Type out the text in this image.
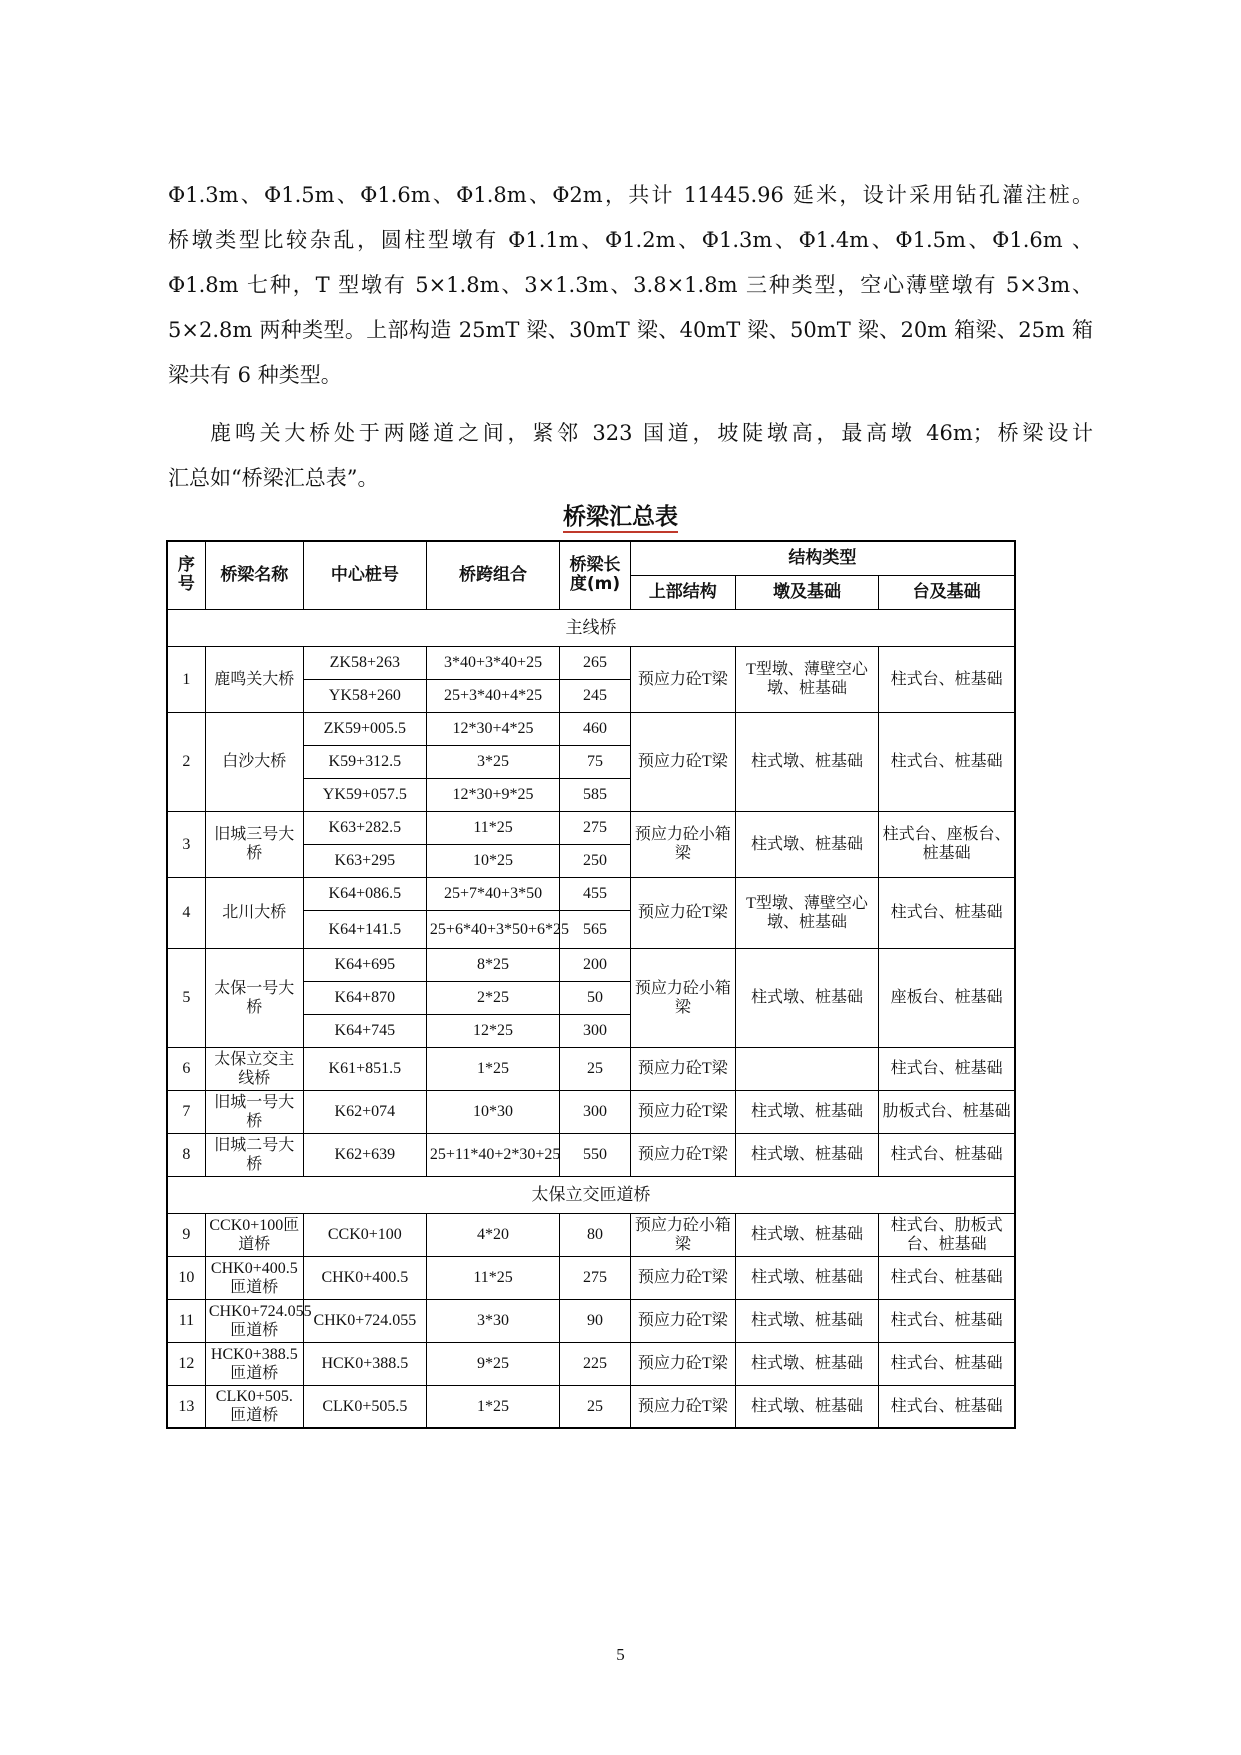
Φ1.3m、Φ1.5m、Φ1.6m、Φ1.8m、Φ2m，共计 11445.96 延米，设计采用钻孔灌注桩。
桥墩类型比较杂乱，圆柱型墩有 Φ1.1m、Φ1.2m、Φ1.3m、Φ1.4m、Φ1.5m、Φ1.6m 、
Φ1.8m 七种，T 型墩有 5×1.8m、3×1.3m、3.8×1.8m 三种类型，空心薄壁墩有 5×3m、
5×2.8m 两种类型。上部构造 25mT 梁、30mT 梁、40mT 梁、50mT 梁、20m 箱梁、25m 箱
梁共有 6 种类型。
鹿鸣关大桥处于两隧道之间，紧邻 323 国道，坡陡墩高，最高墩 46m；桥梁设计
汇总如“桥梁汇总表”。
桥梁汇总表
序号	桥梁名称	中心桩号	桥跨组合	桥梁长度(m)	结构类型		
					上部结构	墩及基础	台及基础
主线桥							
1	鹿鸣关大桥	ZK58+263	3*40+3*40+25	265	预应力砼T梁	T型墩、薄壁空心墩、桩基础	柱式台、桩基础
		YK58+260	25+3*40+4*25	245			
2	白沙大桥	ZK59+005.5	12*30+4*25	460	预应力砼T梁	柱式墩、桩基础	柱式台、桩基础
		K59+312.5	3*25	75			
		YK59+057.5	12*30+9*25	585			
3	旧城三号大桥	K63+282.5	11*25	275	预应力砼小箱梁	柱式墩、桩基础	柱式台、座板台、桩基础
		K63+295	10*25	250			
4	北川大桥	K64+086.5	25+7*40+3*50	455	预应力砼T梁	T型墩、薄壁空心墩、桩基础	柱式台、桩基础
		K64+141.5	25+6*40+3*50+6*25	565			
5	太保一号大桥	K64+695	8*25	200	预应力砼小箱梁	柱式墩、桩基础	座板台、桩基础
		K64+870	2*25	50			
		K64+745	12*25	300			
6	太保立交主线桥	K61+851.5	1*25	25	预应力砼T梁		柱式台、桩基础
7	旧城一号大桥	K62+074	10*30	300	预应力砼T梁	柱式墩、桩基础	肋板式台、桩基础
8	旧城二号大桥	K62+639	25+11*40+2*30+25	550	预应力砼T梁	柱式墩、桩基础	柱式台、桩基础
太保立交匝道桥							
9	CCK0+100匝道桥	CCK0+100	4*20	80	预应力砼小箱梁	柱式墩、桩基础	柱式台、肋板式台、桩基础
10	CHK0+400.5匝道桥	CHK0+400.5	11*25	275	预应力砼T梁	柱式墩、桩基础	柱式台、桩基础
11	CHK0+724.055匝道桥	CHK0+724.055	3*30	90	预应力砼T梁	柱式墩、桩基础	柱式台、桩基础
12	HCK0+388.5匝道桥	HCK0+388.5	9*25	225	预应力砼T梁	柱式墩、桩基础	柱式台、桩基础
13	CLK0+505.匝道桥	CLK0+505.5	1*25	25	预应力砼T梁	柱式墩、桩基础	柱式台、桩基础
5
